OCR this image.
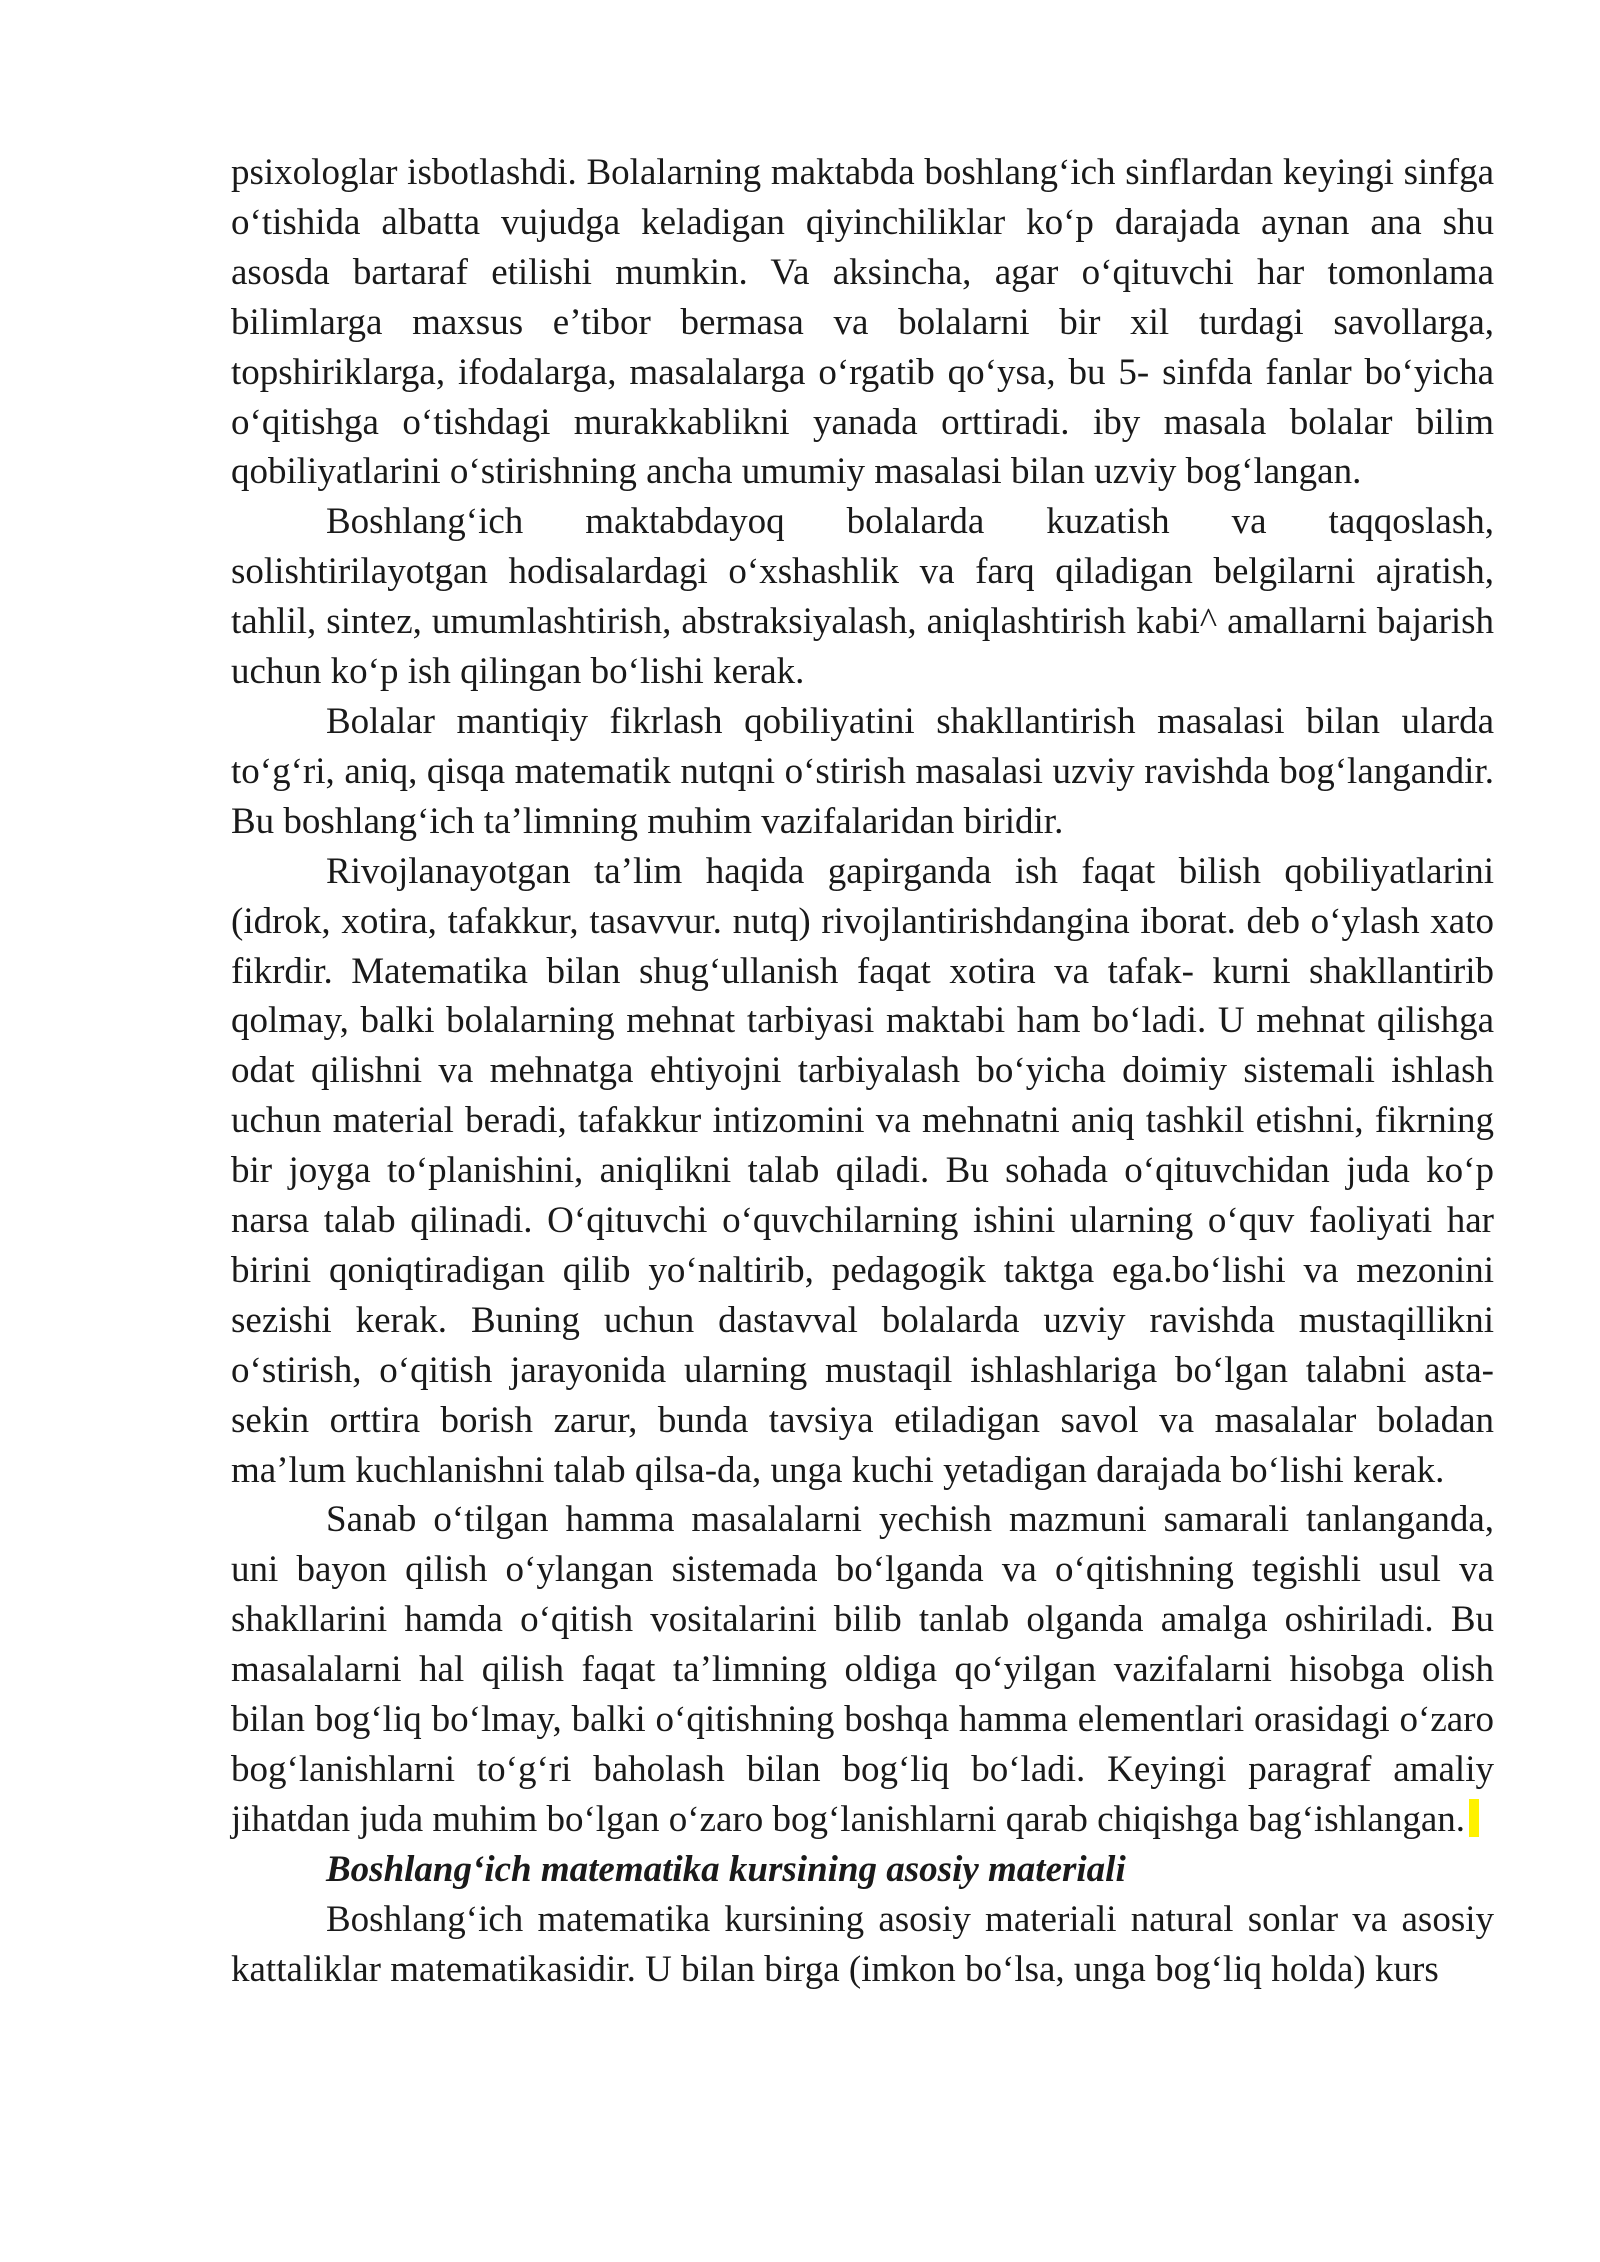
psixologlar isbotlashdi. Bolalarning maktabda boshlang‘ich sinflardan keyingi sinfga o‘tishida albatta vujudga keladigan qiyinchiliklar ko‘p darajada aynan ana shu asosda bartaraf etilishi mumkin. Va aksincha, agar o‘qituvchi har tomonlama bilimlarga maxsus e’tibor bermasa va bolalarni bir xil turdagi savollarga, topshiriklarga, ifodalarga, masalalarga o‘rgatib qo‘ysa, bu 5- sinfda fanlar bo‘yicha o‘qitishga o‘tishdagi murakkablikni yanada orttiradi. iby masala bolalar bilim qobiliyatlarini o‘stirishning ancha umumiy masalasi bilan uzviy bog‘langan.

Boshlang‘ich maktabdayoq bolalarda kuzatish va taqqoslash, solishtirilayotgan hodisalardagi o‘xshashlik va farq qiladigan belgilarni ajratish, tahlil, sintez, umumlashtirish, abstraksiyalash, aniqlashtirish kabi^ amallarni bajarish uchun ko‘p ish qilingan bo‘lishi kerak.

Bolalar mantiqiy fikrlash qobiliyatini shakllantirish masalasi bilan ularda to‘g‘ri, aniq, qisqa matematik nutqni o‘stirish masalasi uzviy ravishda bog‘langandir. Bu boshlang‘ich ta’limning muhim vazifalaridan biridir.

Rivojlanayotgan ta’lim haqida gapirganda ish faqat bilish qobiliyatlarini (idrok, xotira, tafakkur, tasavvur. nutq) rivojlantirishdangina iborat. deb o‘ylash xato fikrdir. Matematika bilan shug‘ullanish faqat xotira va tafak- kurni shakllantirib qolmay, balki bolalarning mehnat tarbiyasi maktabi ham bo‘ladi. U mehnat qilishga odat qilishni va mehnatga ehtiyojni tarbiyalash bo‘yicha doimiy sistemali ishlash uchun material beradi, tafakkur intizomini va mehnatni aniq tashkil etishni, fikrning bir joyga to‘planishini, aniqlikni talab qiladi. Bu sohada o‘qituvchidan juda ko‘p narsa talab qilinadi. O‘qituvchi o‘quvchilarning ishini ularning o‘quv faoliyati har birini qoniqtiradigan qilib yo‘naltirib, pedagogik taktga ega.bo‘lishi va mezonini sezishi kerak. Buning uchun dastavval bolalarda uzviy ravishda mustaqillikni o‘stirish, o‘qitish jarayonida ularning mustaqil ishlashlariga bo‘lgan talabni asta-sekin orttira borish zarur, bunda tavsiya etiladigan savol va masalalar boladan ma’lum kuchlanishni talab qilsa-da, unga kuchi yetadigan darajada bo‘lishi kerak.

Sanab o‘tilgan hamma masalalarni yechish mazmuni samarali tanlanganda, uni bayon qilish o‘ylangan sistemada bo‘lganda va o‘qitishning tegishli usul va shakllarini hamda o‘qitish vositalarini bilib tanlab olganda amalga oshiriladi. Bu masalalarni hal qilish faqat ta’limning oldiga qo‘yilgan vazifalarni hisobga olish bilan bog‘liq bo‘lmay, balki o‘qitishning boshqa hamma elementlari orasidagi o‘zaro bog‘lanishlarni to‘g‘ri baholash bilan bog‘liq bo‘ladi. Keyingi paragraf amaliy jihatdan juda muhim bo‘lgan o‘zaro bog‘lanishlarni qarab chiqishga bag‘ishlangan.

Boshlang‘ich matematika kursining asosiy materiali

Boshlang‘ich matematika kursining asosiy materiali natural sonlar va asosiy kattaliklar matematikasidir. U bilan birga (imkon bo‘lsa, unga bog‘liq holda) kurs
